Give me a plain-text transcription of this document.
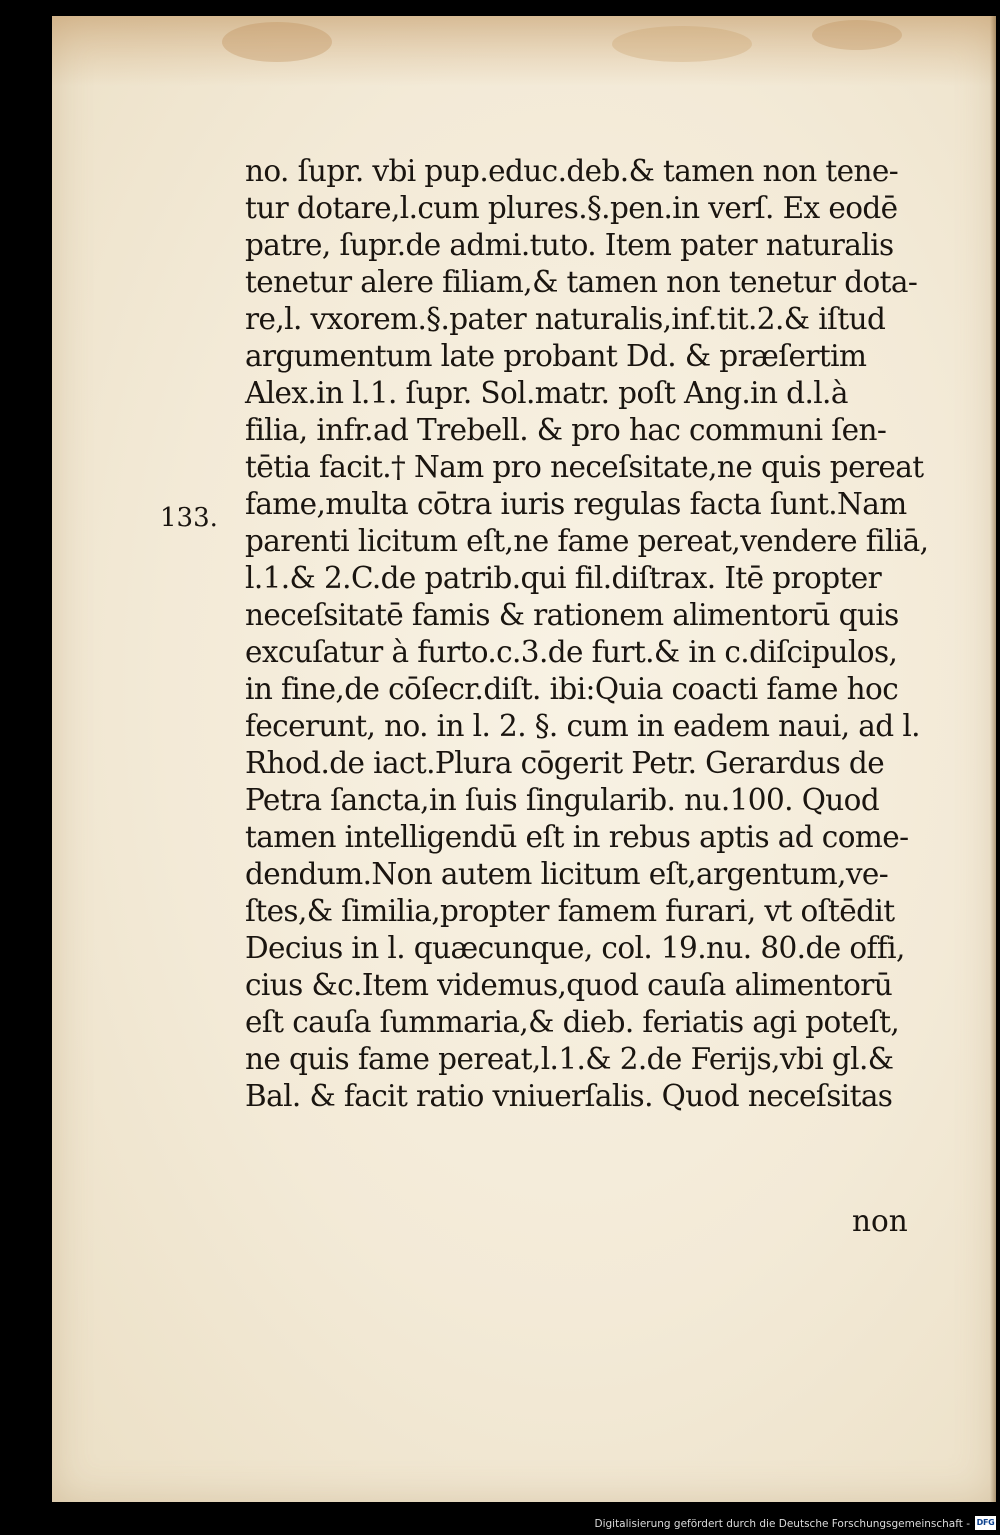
133.
no. ſupr. vbi pup.educ.deb.& tamen non tene-
tur dotare,l.cum plures.§.pen.in verſ. Ex eodē
patre, ſupr.de admi.tuto. Item pater naturalis
tenetur alere filiam,& tamen non tenetur dota-
re,l. vxorem.§.pater naturalis,inf.tit.2.& iſtud
argumentum late probant Dd. & præſertim
Alex.in l.1. ſupr. Sol.matr. poſt Ang.in d.l.à
filia, infr.ad Trebell. & pro hac communi ſen-
tētia facit.† Nam pro neceſsitate,ne quis pereat
fame,multa cōtra iuris regulas facta ſunt.Nam
parenti licitum eſt,ne fame pereat,vendere filiā,
l.1.& 2.C.de patrib.qui fil.diſtrax. Itē propter
neceſsitatē famis & rationem alimentorū quis
excuſatur à furto.c.3.de furt.& in c.diſcipulos,
in fine,de cōſecr.diſt. ibi:Quia coacti fame hoc
fecerunt, no. in l. 2. §. cum in eadem naui, ad l.
Rhod.de iact.Plura cōgerit Petr. Gerardus de
Petra ſancta,in ſuis ſingularib. nu.100. Quod
tamen intelligendū eſt in rebus aptis ad come-
dendum.Non autem licitum eſt,argentum,ve-
ſtes,& ſimilia,propter famem furari, vt oſtēdit
Decius in l. quæcunque, col. 19.nu. 80.de offi,
cius &c.Item videmus,quod cauſa alimentorū
eſt cauſa ſummaria,& dieb. feriatis agi poteſt,
ne quis fame pereat,l.1.& 2.de Ferijs,vbi gl.&
Bal. & facit ratio vniuerſalis. Quod neceſsitas
non
Digitalisierung gefördert durch die Deutsche Forschungsgemeinschaft - DFG
